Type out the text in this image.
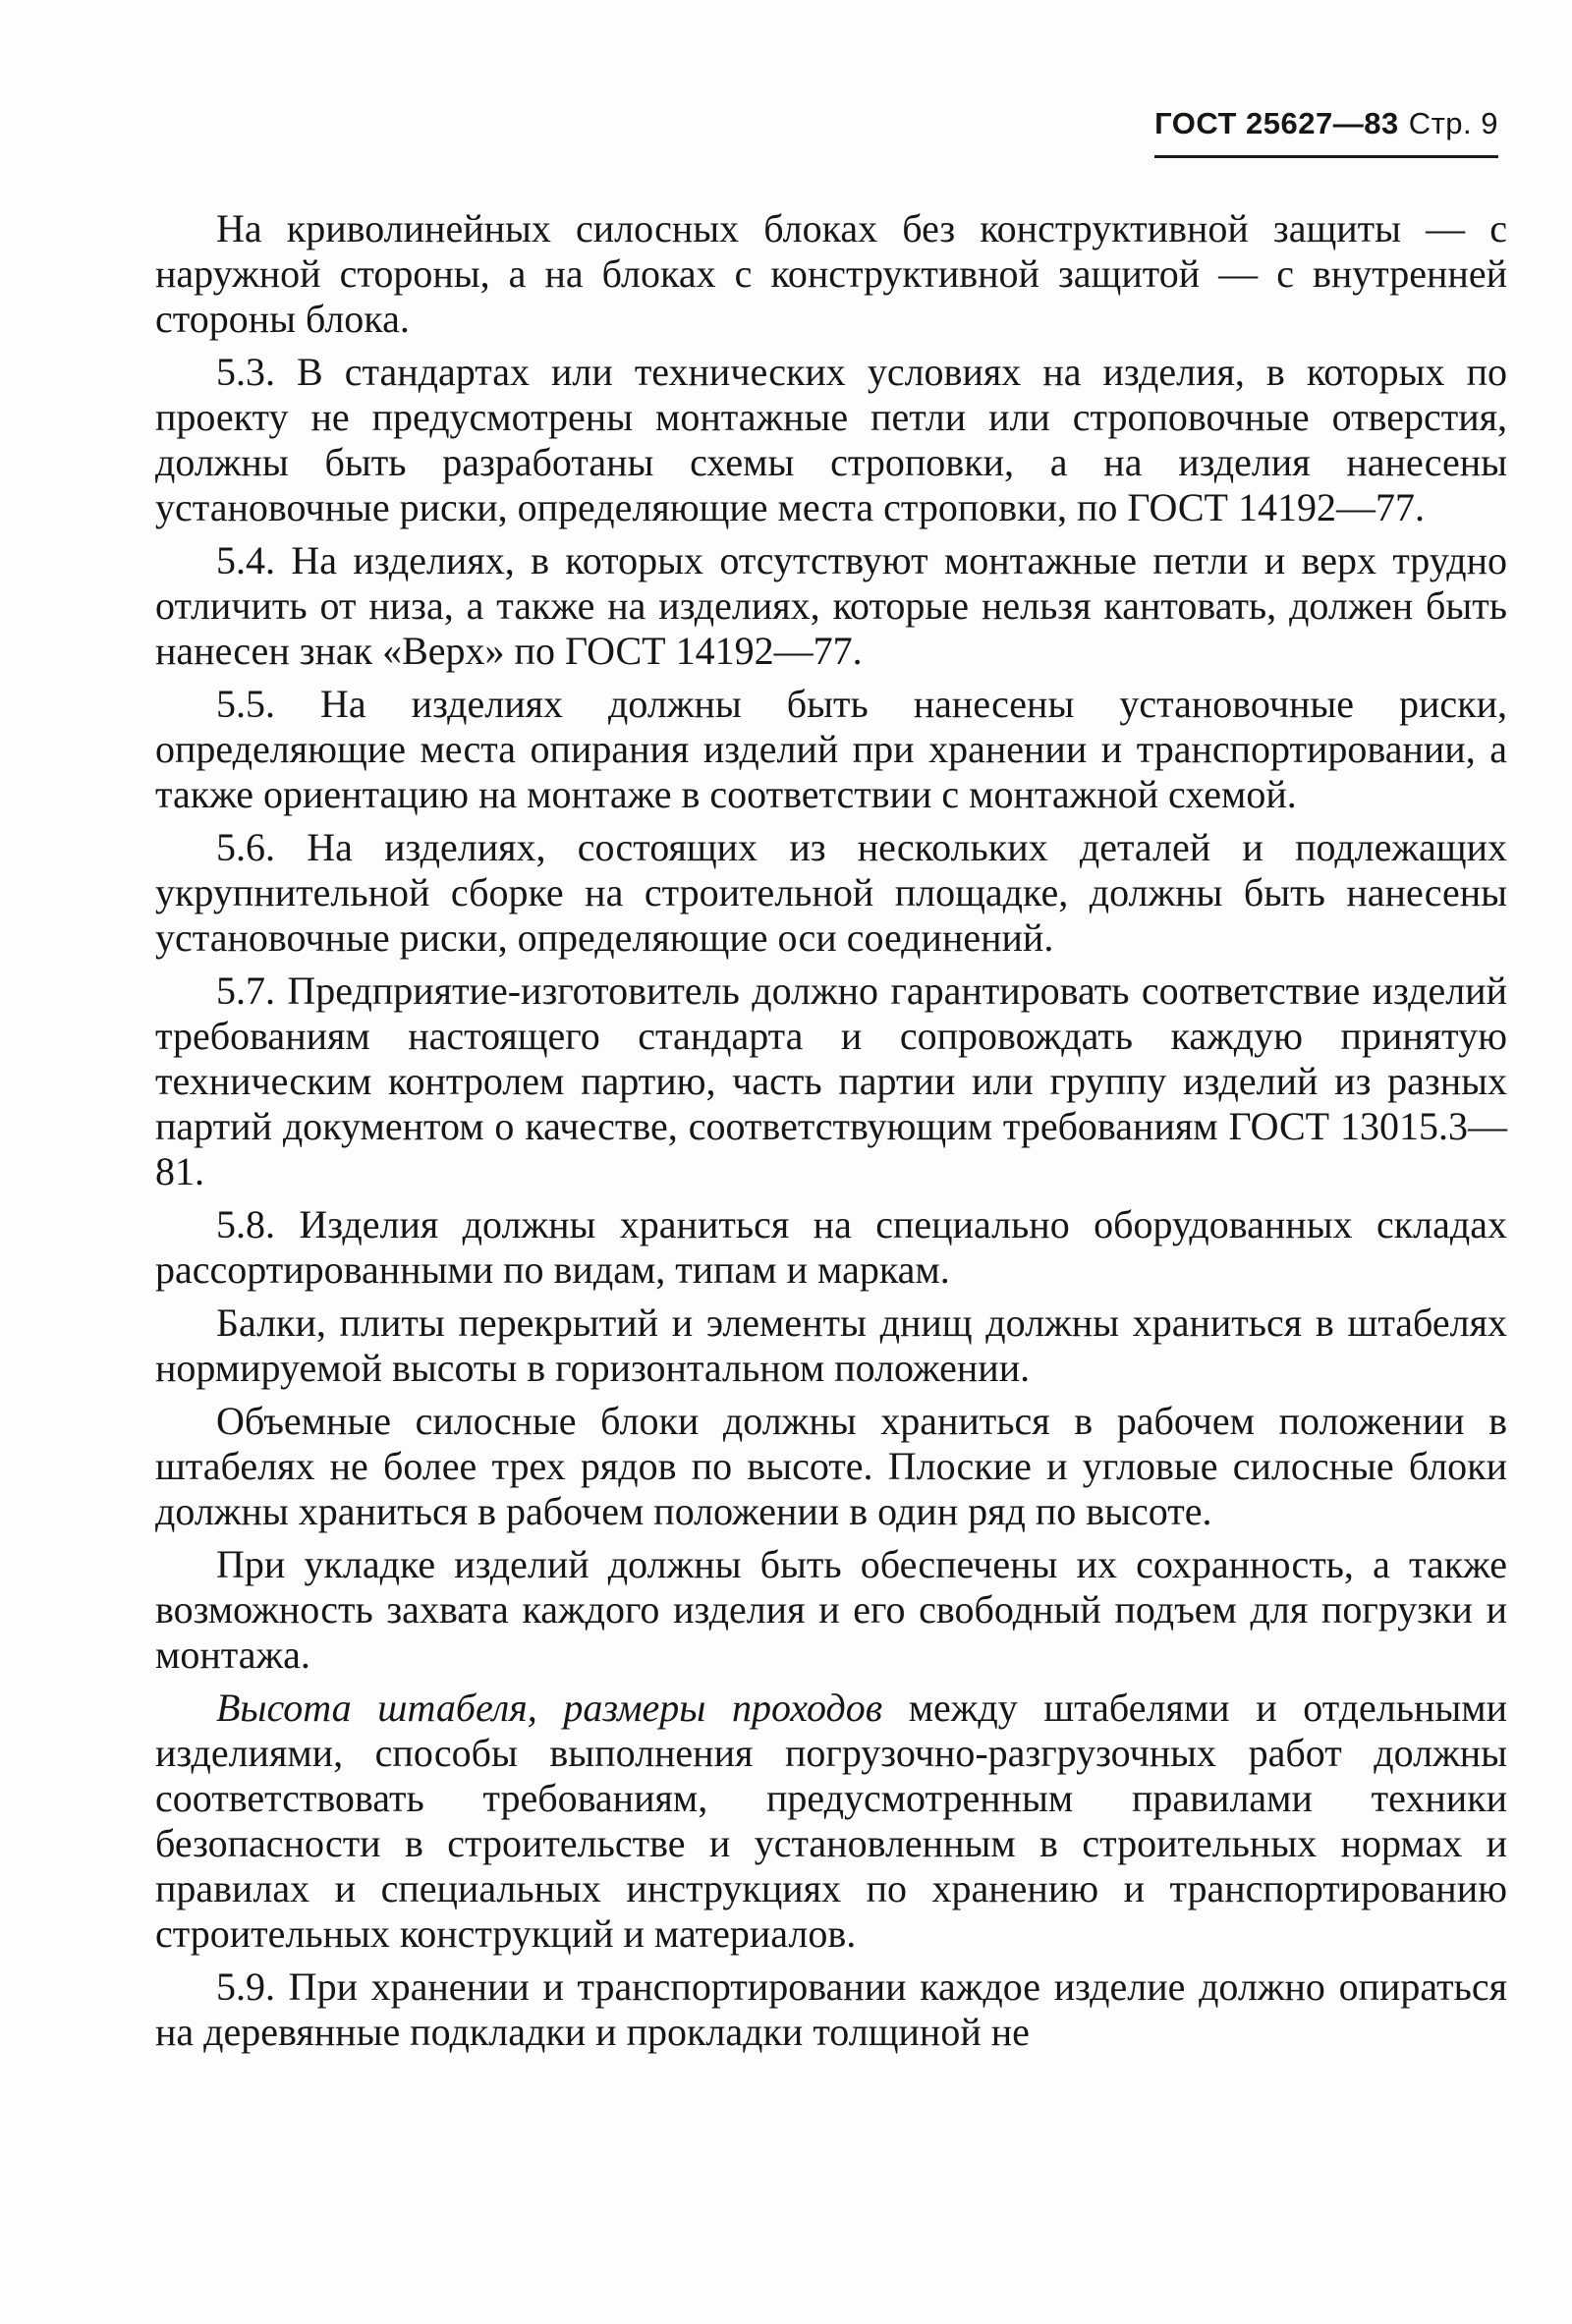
ГОСТ 25627—83 Стр. 9

На криволинейных силосных блоках без конструктивной защиты — с наружной стороны, а на блоках с конструктивной защитой — с внутренней стороны блока.

5.3. В стандартах или технических условиях на изделия, в которых по проекту не предусмотрены монтажные петли или строповочные отверстия, должны быть разработаны схемы строповки, а на изделия нанесены установочные риски, определяющие места строповки, по ГОСТ 14192—77.

5.4. На изделиях, в которых отсутствуют монтажные петли и верх трудно отличить от низа, а также на изделиях, которые нельзя кантовать, должен быть нанесен знак «Верх» по ГОСТ 14192—77.

5.5. На изделиях должны быть нанесены установочные риски, определяющие места опирания изделий при хранении и транспортировании, а также ориентацию на монтаже в соответствии с монтажной схемой.

5.6. На изделиях, состоящих из нескольких деталей и подлежащих укрупнительной сборке на строительной площадке, должны быть нанесены установочные риски, определяющие оси соединений.

5.7. Предприятие-изготовитель должно гарантировать соответствие изделий требованиям настоящего стандарта и сопровождать каждую принятую техническим контролем партию, часть партии или группу изделий из разных партий документом о качестве, соответствующим требованиям ГОСТ 13015.3—81.

5.8. Изделия должны храниться на специально оборудованных складах рассортированными по видам, типам и маркам.

Балки, плиты перекрытий и элементы днищ должны храниться в штабелях нормируемой высоты в горизонтальном положении.

Объемные силосные блоки должны храниться в рабочем положении в штабелях не более трех рядов по высоте. Плоские и угловые силосные блоки должны храниться в рабочем положении в один ряд по высоте.

При укладке изделий должны быть обеспечены их сохранность, а также возможность захвата каждого изделия и его свободный подъем для погрузки и монтажа.

Высота штабеля, размеры проходов между штабелями и отдельными изделиями, способы выполнения погрузочно-разгрузочных работ должны соответствовать требованиям, предусмотренным правилами техники безопасности в строительстве и установленным в строительных нормах и правилах и специальных инструкциях по хранению и транспортированию строительных конструкций и материалов.

5.9. При хранении и транспортировании каждое изделие должно опираться на деревянные подкладки и прокладки толщиной не
